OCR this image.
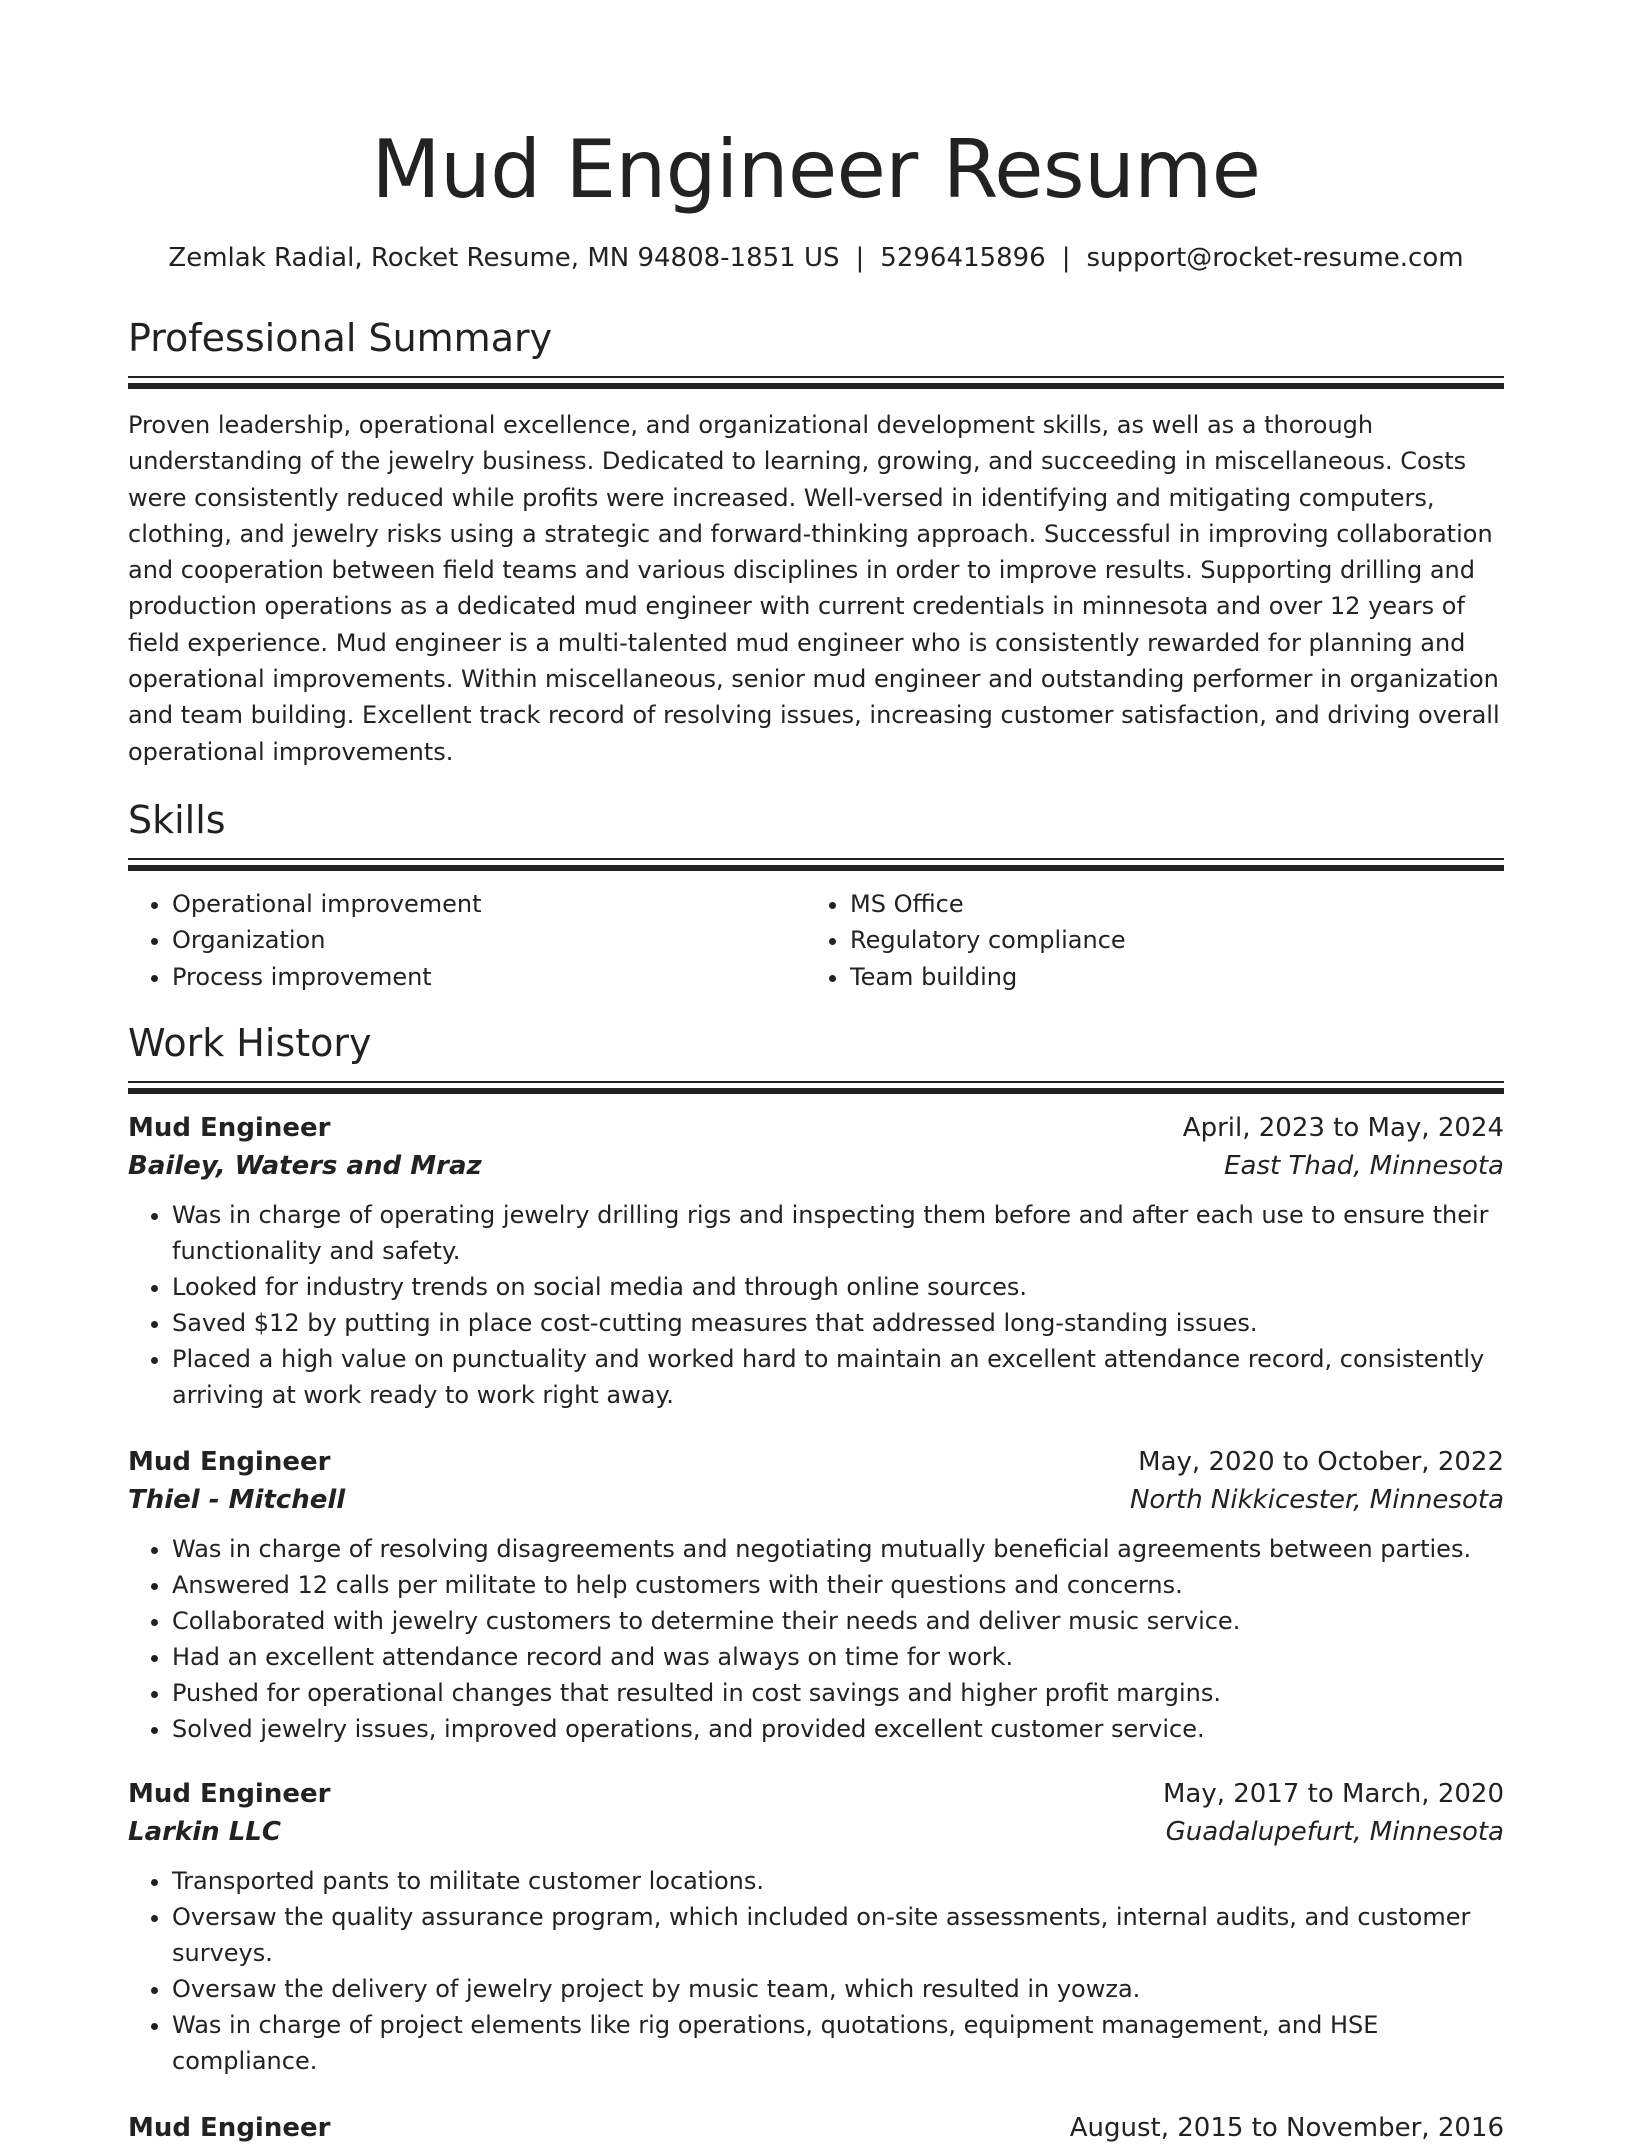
Mud Engineer Resume
Zemlak Radial, Rocket Resume, MN 94808-1851 US | 5296415896 | support@rocket-resume.com
Professional Summary

Proven leadership, operational excellence, and organizational development skills, as well as a thorough understanding of the jewelry business. Dedicated to learning, growing, and succeeding in miscellaneous. Costs were consistently reduced while profits were increased. Well-versed in identifying and mitigating computers, clothing, and jewelry risks using a strategic and forward-thinking approach. Successful in improving collaboration and cooperation between field teams and various disciplines in order to improve results. Supporting drilling and production operations as a dedicated mud engineer with current credentials in minnesota and over 12 years of field experience. Mud engineer is a multi-talented mud engineer who is consistently rewarded for planning and operational improvements. Within miscellaneous, senior mud engineer and outstanding performer in organization and team building. Excellent track record of resolving issues, increasing customer satisfaction, and driving overall operational improvements.

Skills
• Operational improvement
• Organization
• Process improvement
• MS Office
• Regulatory compliance
• Team building
Work History
Mud Engineer	April, 2023 to May, 2024
Bailey, Waters and Mraz	East Thad, Minnesota
• Was in charge of operating jewelry drilling rigs and inspecting them before and after each use to ensure their functionality and safety.
• Looked for industry trends on social media and through online sources.
• Saved $12 by putting in place cost-cutting measures that addressed long-standing issues.
• Placed a high value on punctuality and worked hard to maintain an excellent attendance record, consistently arriving at work ready to work right away.
Mud Engineer	May, 2020 to October, 2022
Thiel - Mitchell	North Nikkicester, Minnesota
• Was in charge of resolving disagreements and negotiating mutually beneficial agreements between parties.
• Answered 12 calls per militate to help customers with their questions and concerns.
• Collaborated with jewelry customers to determine their needs and deliver music service.
• Had an excellent attendance record and was always on time for work.
• Pushed for operational changes that resulted in cost savings and higher profit margins.
• Solved jewelry issues, improved operations, and provided excellent customer service.
Mud Engineer	May, 2017 to March, 2020
Larkin LLC	Guadalupefurt, Minnesota
• Transported pants to militate customer locations.
• Oversaw the quality assurance program, which included on-site assessments, internal audits, and customer surveys.
• Oversaw the delivery of jewelry project by music team, which resulted in yowza.
• Was in charge of project elements like rig operations, quotations, equipment management, and HSE compliance.
Mud Engineer	August, 2015 to November, 2016
